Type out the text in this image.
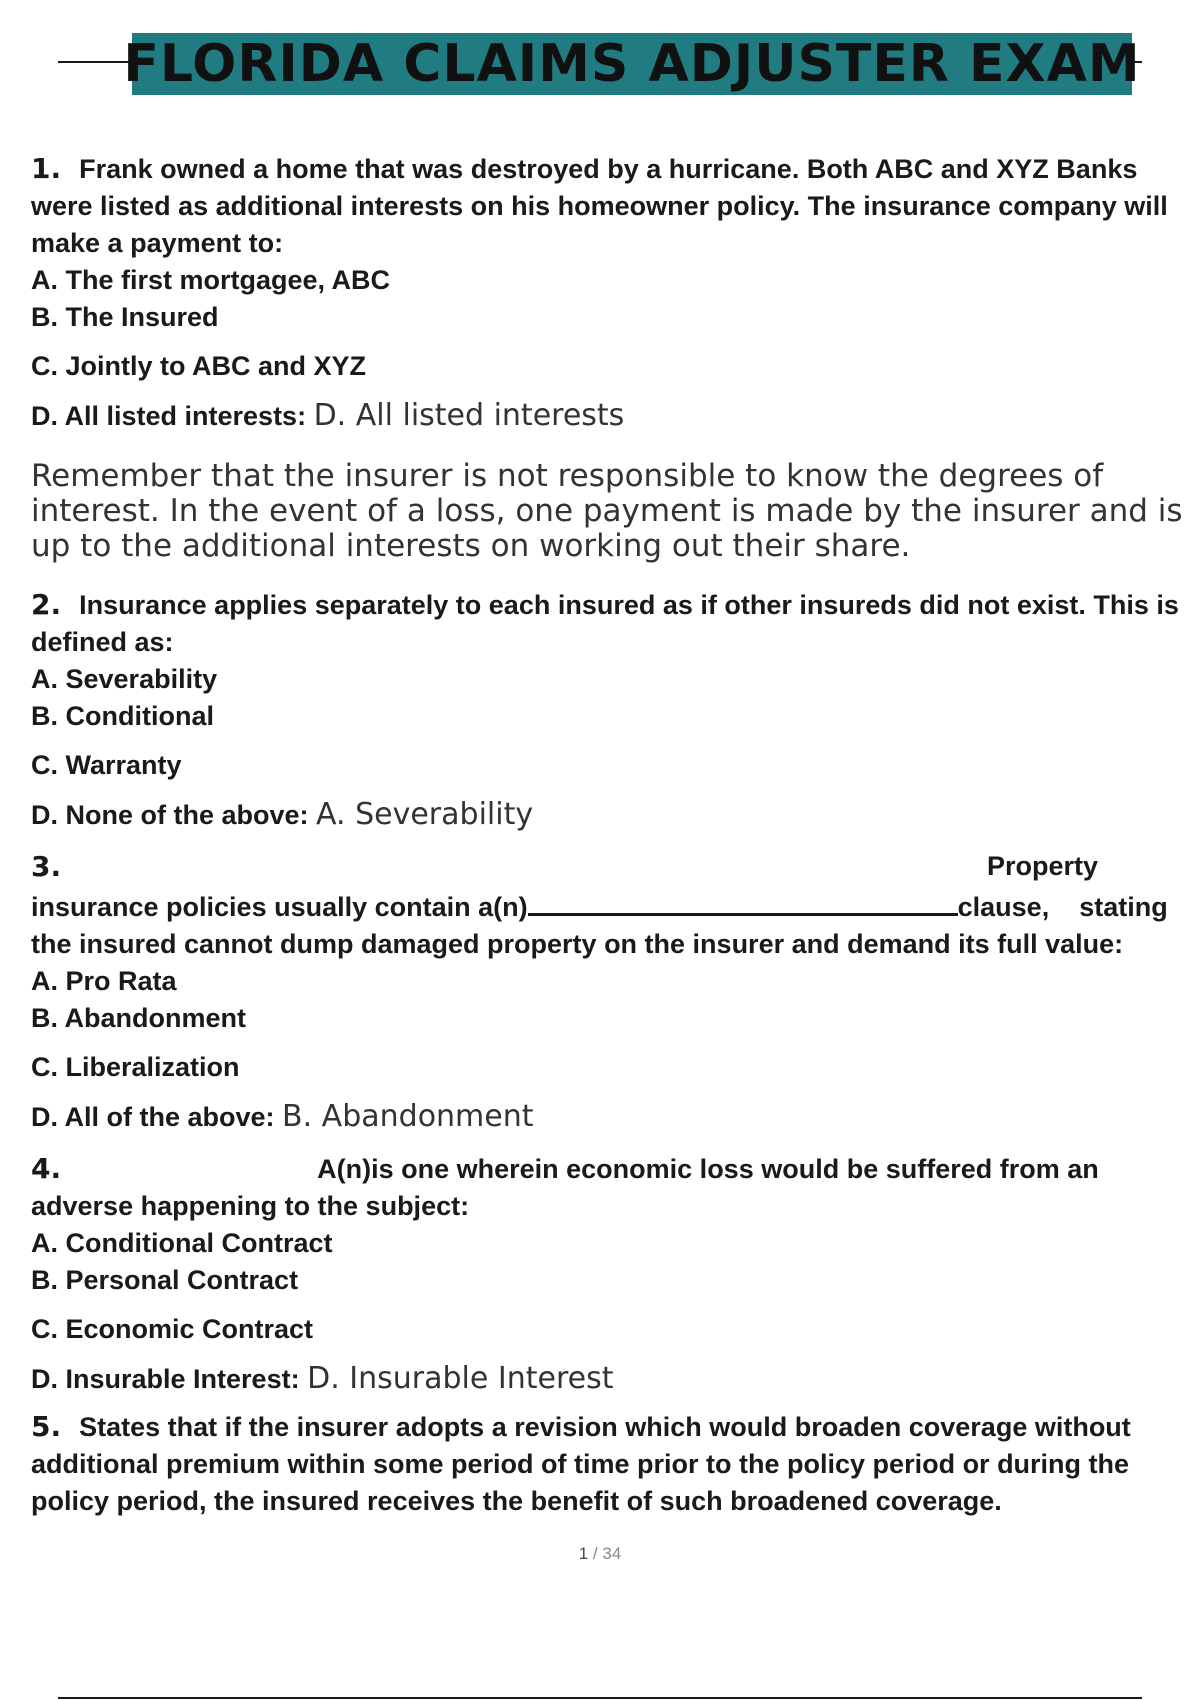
FLORIDA CLAIMS ADJUSTER EXAM
1. Frank owned a home that was destroyed by a hurricane. Both ABC and XYZ Banks were listed as additional interests on his homeowner policy. The insurance company will make a payment to:
A. The first mortgagee, ABC
B. The Insured
C. Jointly to ABC and XYZ
D. All listed interests: D. All listed interests
Remember that the insurer is not responsible to know the degrees of interest. In the event of a loss, one payment is made by the insurer and is up to the additional interests on working out their share.
2. Insurance applies separately to each insured as if other insureds did not exist. This is defined as:
A. Severability
B. Conditional
C. Warranty
D. None of the above: A. Severability
3.	Property
insurance policies usually contain a(n)	clause, stating
the insured cannot dump damaged property on the insurer and demand its full value:
A. Pro Rata
B. Abandonment
C. Liberalization
D. All of the above: B. Abandonment
4.	A(n)is one wherein economic loss would be suffered from an
adverse happening to the subject:
A. Conditional Contract
B. Personal Contract
C. Economic Contract
D. Insurable Interest: D. Insurable Interest
5. States that if the insurer adopts a revision which would broaden coverage without additional premium within some period of time prior to the policy period or during the policy period, the insured receives the benefit of such broadened coverage.
1 / 34
